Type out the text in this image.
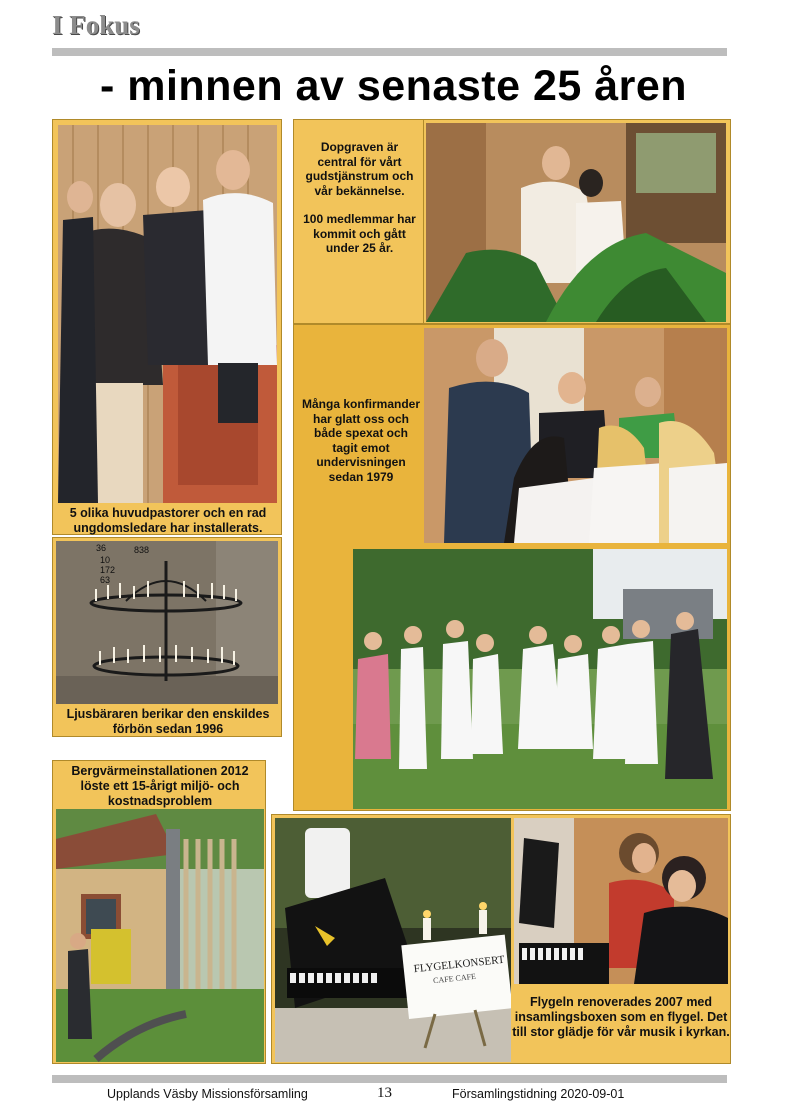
I Fokus
- minnen av senaste 25 åren
5 olika huvudpastorer och en rad ungdomsledare har installerats.

Dopgraven är central för vårt gudstjänstrum och vår bekännelse.

100 medlemmar har kommit och gått under 25 år.

Många konfirmander har glatt oss och både spexat och tagit emot undervisningen sedan 1979
36	838
10
172
63
Ljusbäraren berikar den enskildes förbön sedan 1996
Bergvärmeinstallationen 2012 löste ett 15-årigt miljö- och kostnadsproblem
FLYGELKONSERT
CAFE CAFE
Flygeln renoverades 2007 med insamlingsboxen som en flygel. Det till stor glädje för vår musik i kyrkan.
Upplands Väsby Missionsförsamling	13	Församlingstidning 2020-09-01
